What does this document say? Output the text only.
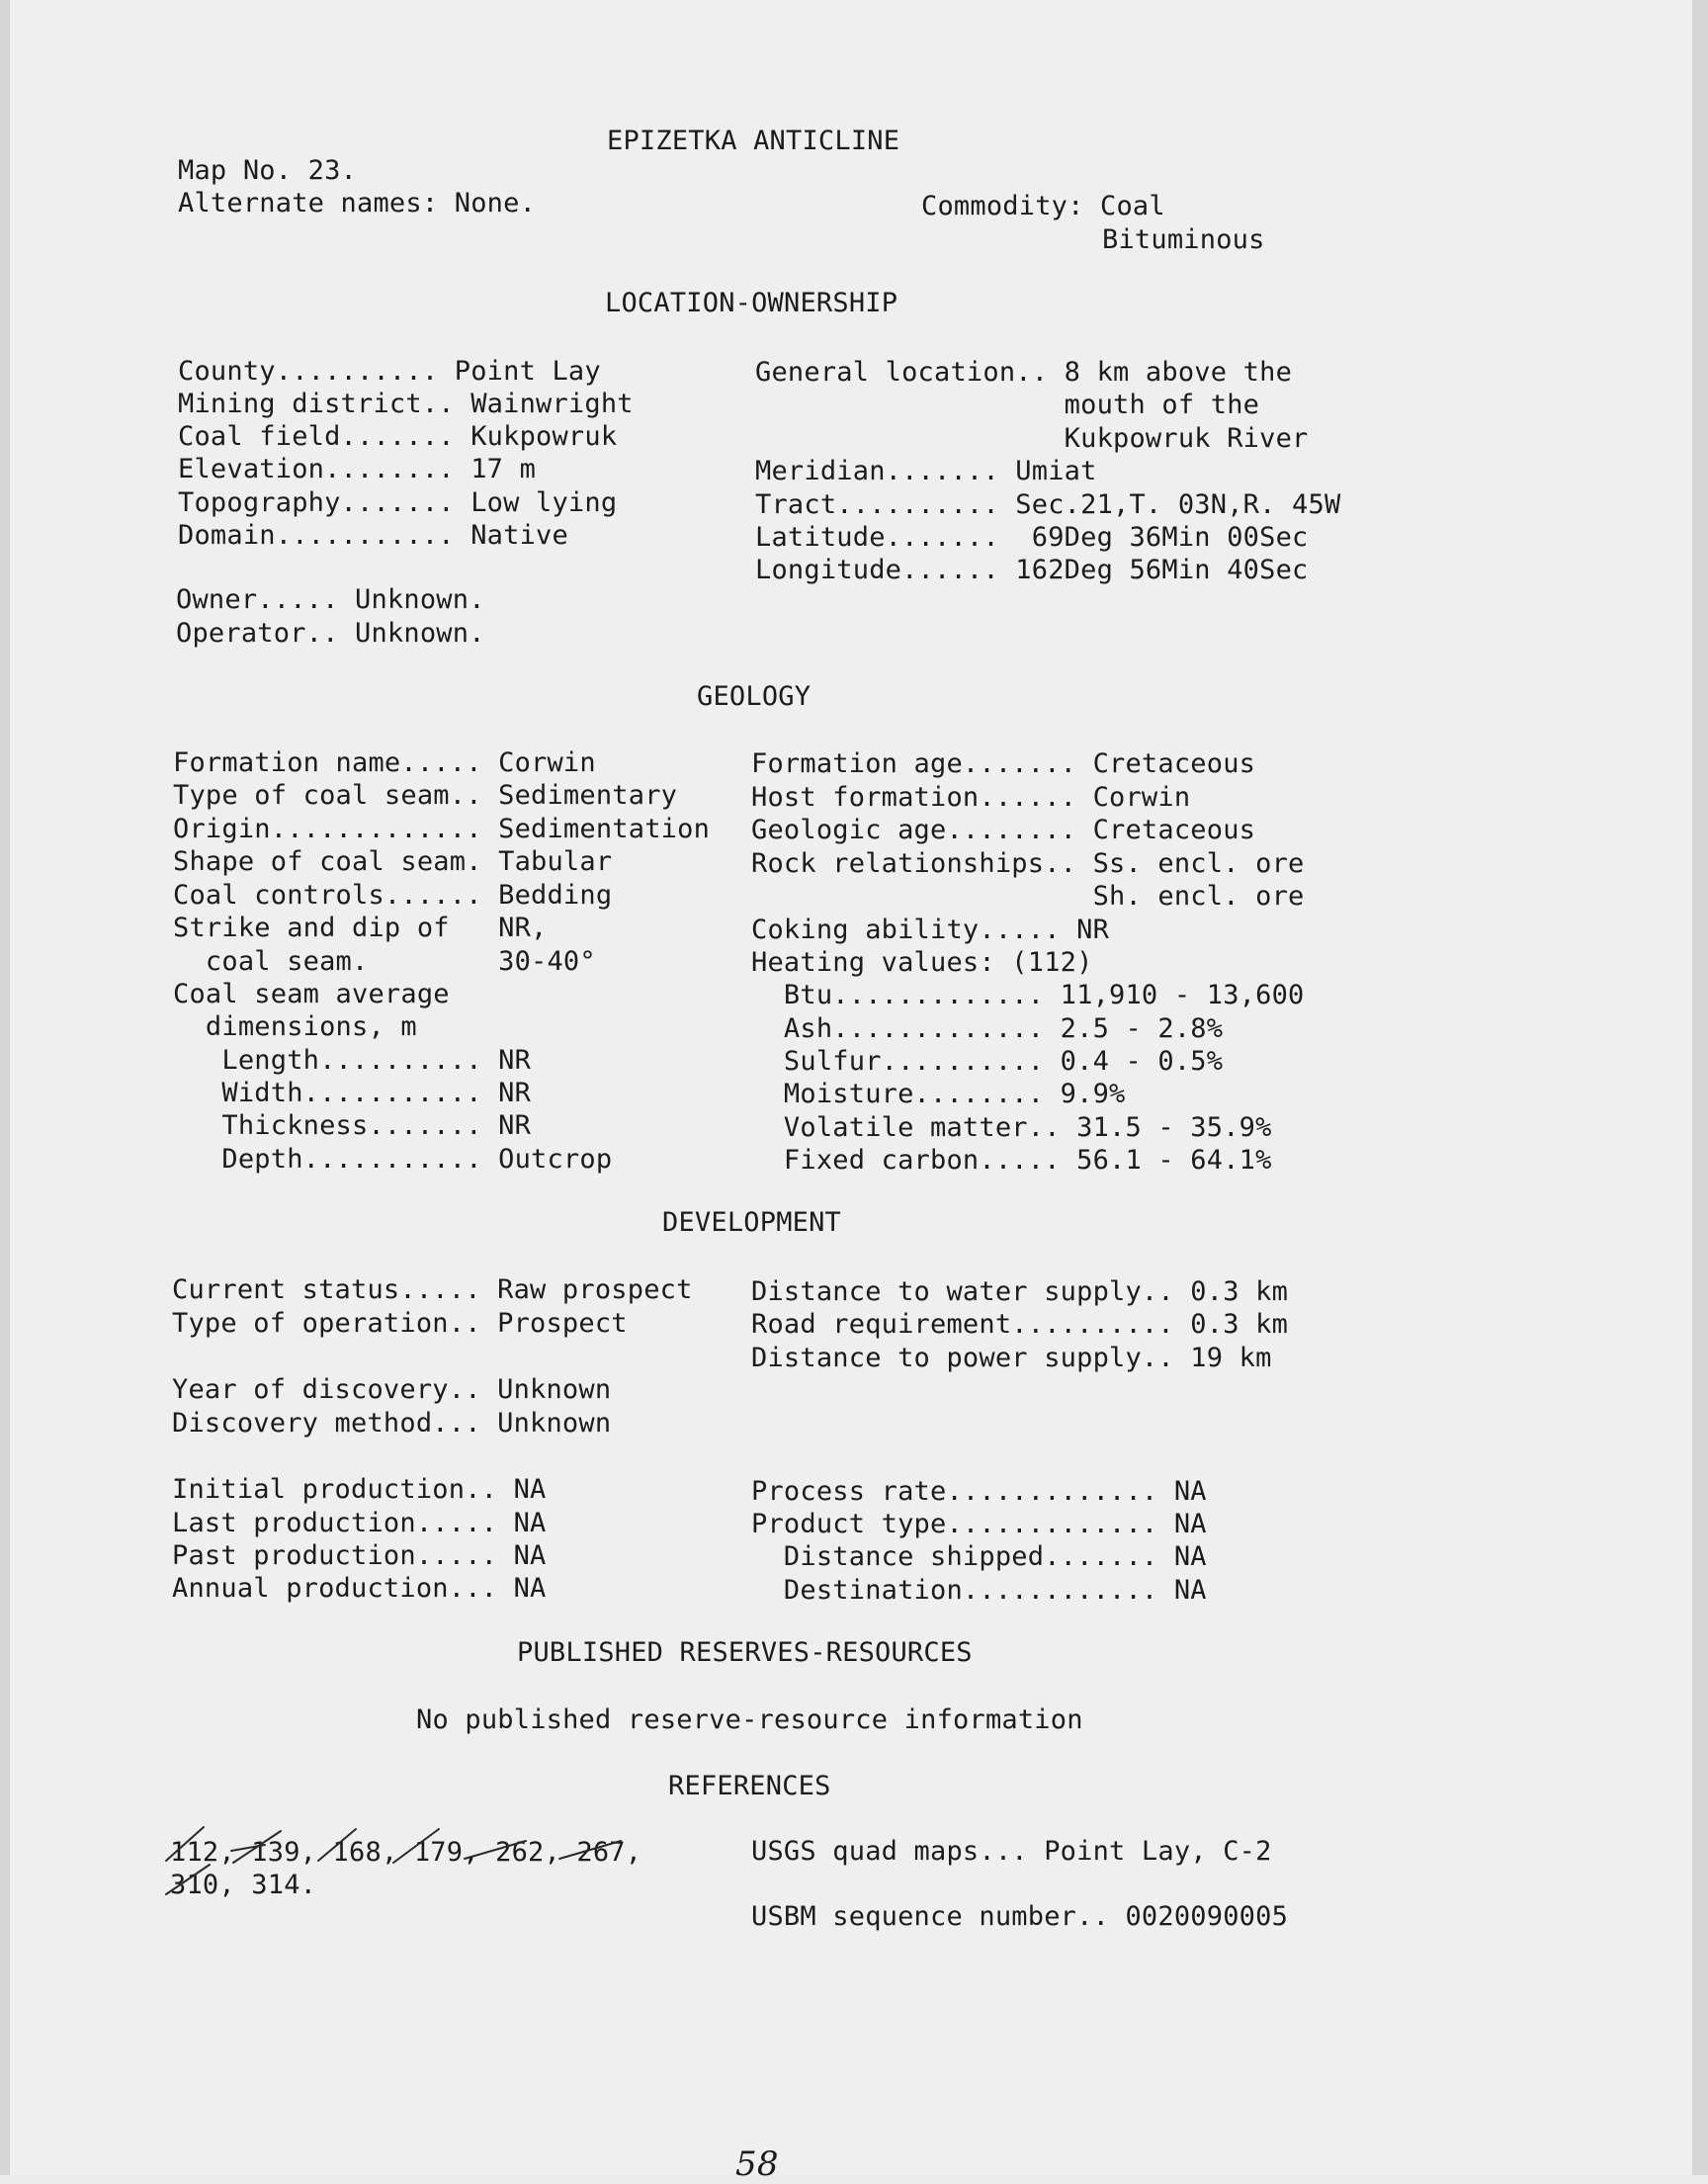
EPIZETKA ANTICLINE
Map No. 23.
Alternate names: None.	Commodity: Coal
Bituminous
LOCATION-OWNERSHIP
County.......... Point Lay
Mining district.. Wainwright
Coal field....... Kukpowruk
Elevation........ 17 m
Topography....... Low lying
Domain........... Native
General location.. 8 km above the
mouth of the
Kukpowruk River
Meridian....... Umiat
Tract.......... Sec.21,T. 03N,R. 45W
Latitude.......  69Deg 36Min 00Sec
Longitude...... 162Deg 56Min 40Sec
Owner..... Unknown.
Operator.. Unknown.
GEOLOGY
Formation name..... Corwin
Type of coal seam.. Sedimentary
Origin............. Sedimentation
Shape of coal seam. Tabular
Coal controls...... Bedding
Strike and dip of   NR,
coal seam.        30-40°
Coal seam average
dimensions, m
Length.......... NR
Width........... NR
Thickness....... NR
Depth........... Outcrop
Formation age....... Cretaceous
Host formation...... Corwin
Geologic age........ Cretaceous
Rock relationships.. Ss. encl. ore
Sh. encl. ore
Coking ability..... NR
Heating values: (112)
Btu............. 11,910 - 13,600
Ash............. 2.5 - 2.8%
Sulfur.......... 0.4 - 0.5%
Moisture........ 9.9%
Volatile matter.. 31.5 - 35.9%
Fixed carbon..... 56.1 - 64.1%
DEVELOPMENT
Current status..... Raw prospect
Type of operation.. Prospect
Year of discovery.. Unknown
Discovery method... Unknown
Initial production.. NA
Last production..... NA
Past production..... NA
Annual production... NA
Distance to water supply.. 0.3 km
Road requirement.......... 0.3 km
Distance to power supply.. 19 km
Process rate............. NA
Product type............. NA
Distance shipped....... NA
Destination............ NA
PUBLISHED RESERVES-RESOURCES
No published reserve-resource information
REFERENCES
112, 139, 168, 179, 262, 267,
310, 314.
USGS quad maps... Point Lay, C-2
USBM sequence number.. 0020090005
58
